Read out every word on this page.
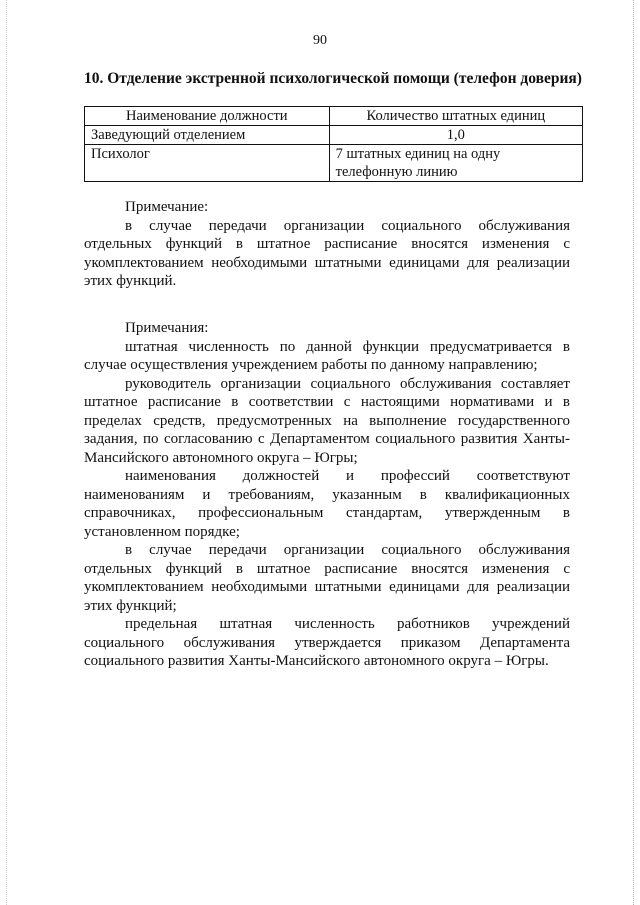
90
10. Отделение экстренной психологической помощи (телефон доверия)
Наименование должности	Количество штатных единиц
Заведующий отделением	1,0
Психолог	7 штатных единиц на одну телефонную линию
Примечание:

в случае передачи организации социального обслуживания отдельных функций в штатное расписание вносятся изменения с укомплектованием необходимыми штатными единицами для реализации этих функций.

Примечания:

штатная численность по данной функции предусматривается в случае осуществления учреждением работы по данному направлению;

руководитель организации социального обслуживания составляет штатное расписание в соответствии с настоящими нормативами и в пределах средств, предусмотренных на выполнение государственного задания, по согласованию с Департаментом социального развития Ханты-Мансийского автономного округа – Югры;

наименования должностей и профессий соответствуют наименованиям и требованиям, указанным в квалификационных справочниках, профессиональным стандартам, утвержденным в установленном порядке;

в случае передачи организации социального обслуживания отдельных функций в штатное расписание вносятся изменения с укомплектованием необходимыми штатными единицами для реализации этих функций;

предельная штатная численность работников учреждений социального обслуживания утверждается приказом Департамента социального развития Ханты-Мансийского автономного округа – Югры.
